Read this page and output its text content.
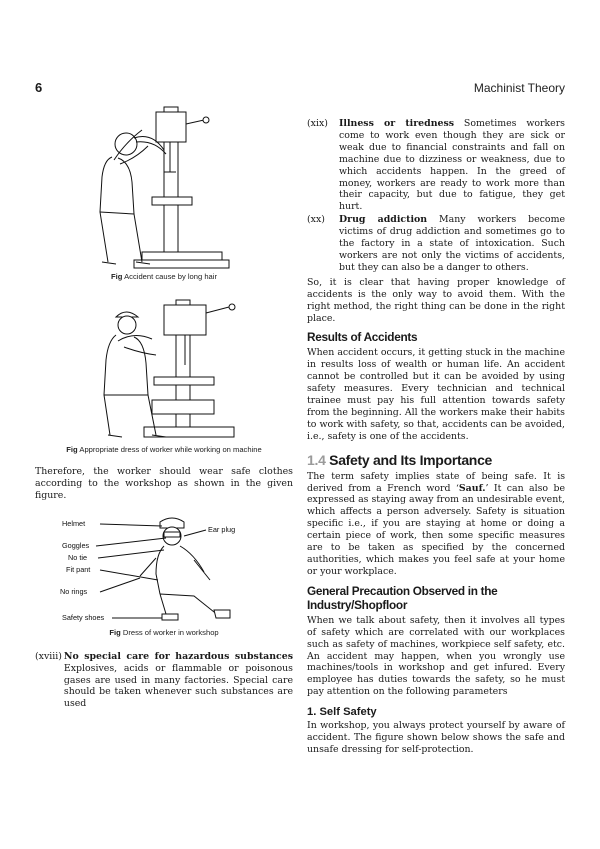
6	Machinist Theory
Fig Accident cause by long hair
Fig Appropriate dress of worker while working on machine

Therefore, the worker should wear safe clothes according to the workshop as shown in the given figure.

Helmet
Ear plug
Goggles
No tie
Fit pant
No rings
Safety shoes
Fig Dress of worker in workshop
(xviii) No special care for hazardous substances Explosives, acids or flammable or poisonous gases are used in many factories. Special care should be taken whenever such substances are used
(xix)	Illness or tiredness Sometimes workers come to work even though they are sick or weak due to financial constraints and fall on machine due to dizziness or weakness, due to which accidents happen. In the greed of money, workers are ready to work more than their capacity, but due to fatigue, they get hurt.
(xx)	Drug addiction Many workers become victims of drug addiction and sometimes go to the factory in a state of intoxication. Such workers are not only the victims of accidents, but they can also be a danger to others.

So, it is clear that having proper knowledge of accidents is the only way to avoid them. With the right method, the right thing can be done in the right place.

Results of Accidents

When accident occurs, it getting stuck in the machine in results loss of wealth or human life. An accident cannot be controlled but it can be avoided by using safety measures. Every technician and technical trainee must pay his full attention towards safety from the beginning. All the workers make their habits to work with safety, so that, accidents can be avoided, i.e., safety is one of the accidents.

1.4 Safety and Its Importance

The term safety implies state of being safe. It is derived from a French word ‘Sauf.’ It can also be expressed as staying away from an undesirable event, which affects a person adversely. Safety is situation specific i.e., if you are staying at home or doing a certain piece of work, then some specific measures are to be taken as specified by the concerned authorities, which makes you feel safe at your home or your workplace.

General Precaution Observed in the Industry/Shopfloor

When we talk about safety, then it involves all types of safety which are correlated with our workplaces such as safety of machines, workpiece self safety, etc. An accident may happen, when you wrongly use machines/tools in workshop and get infured. Every employee has duties towards the safety, so he must pay attention on the following parameters

1. Self Safety

In workshop, you always protect yourself by aware of accident. The figure shown below shows the safe and unsafe dressing for self-protection.
